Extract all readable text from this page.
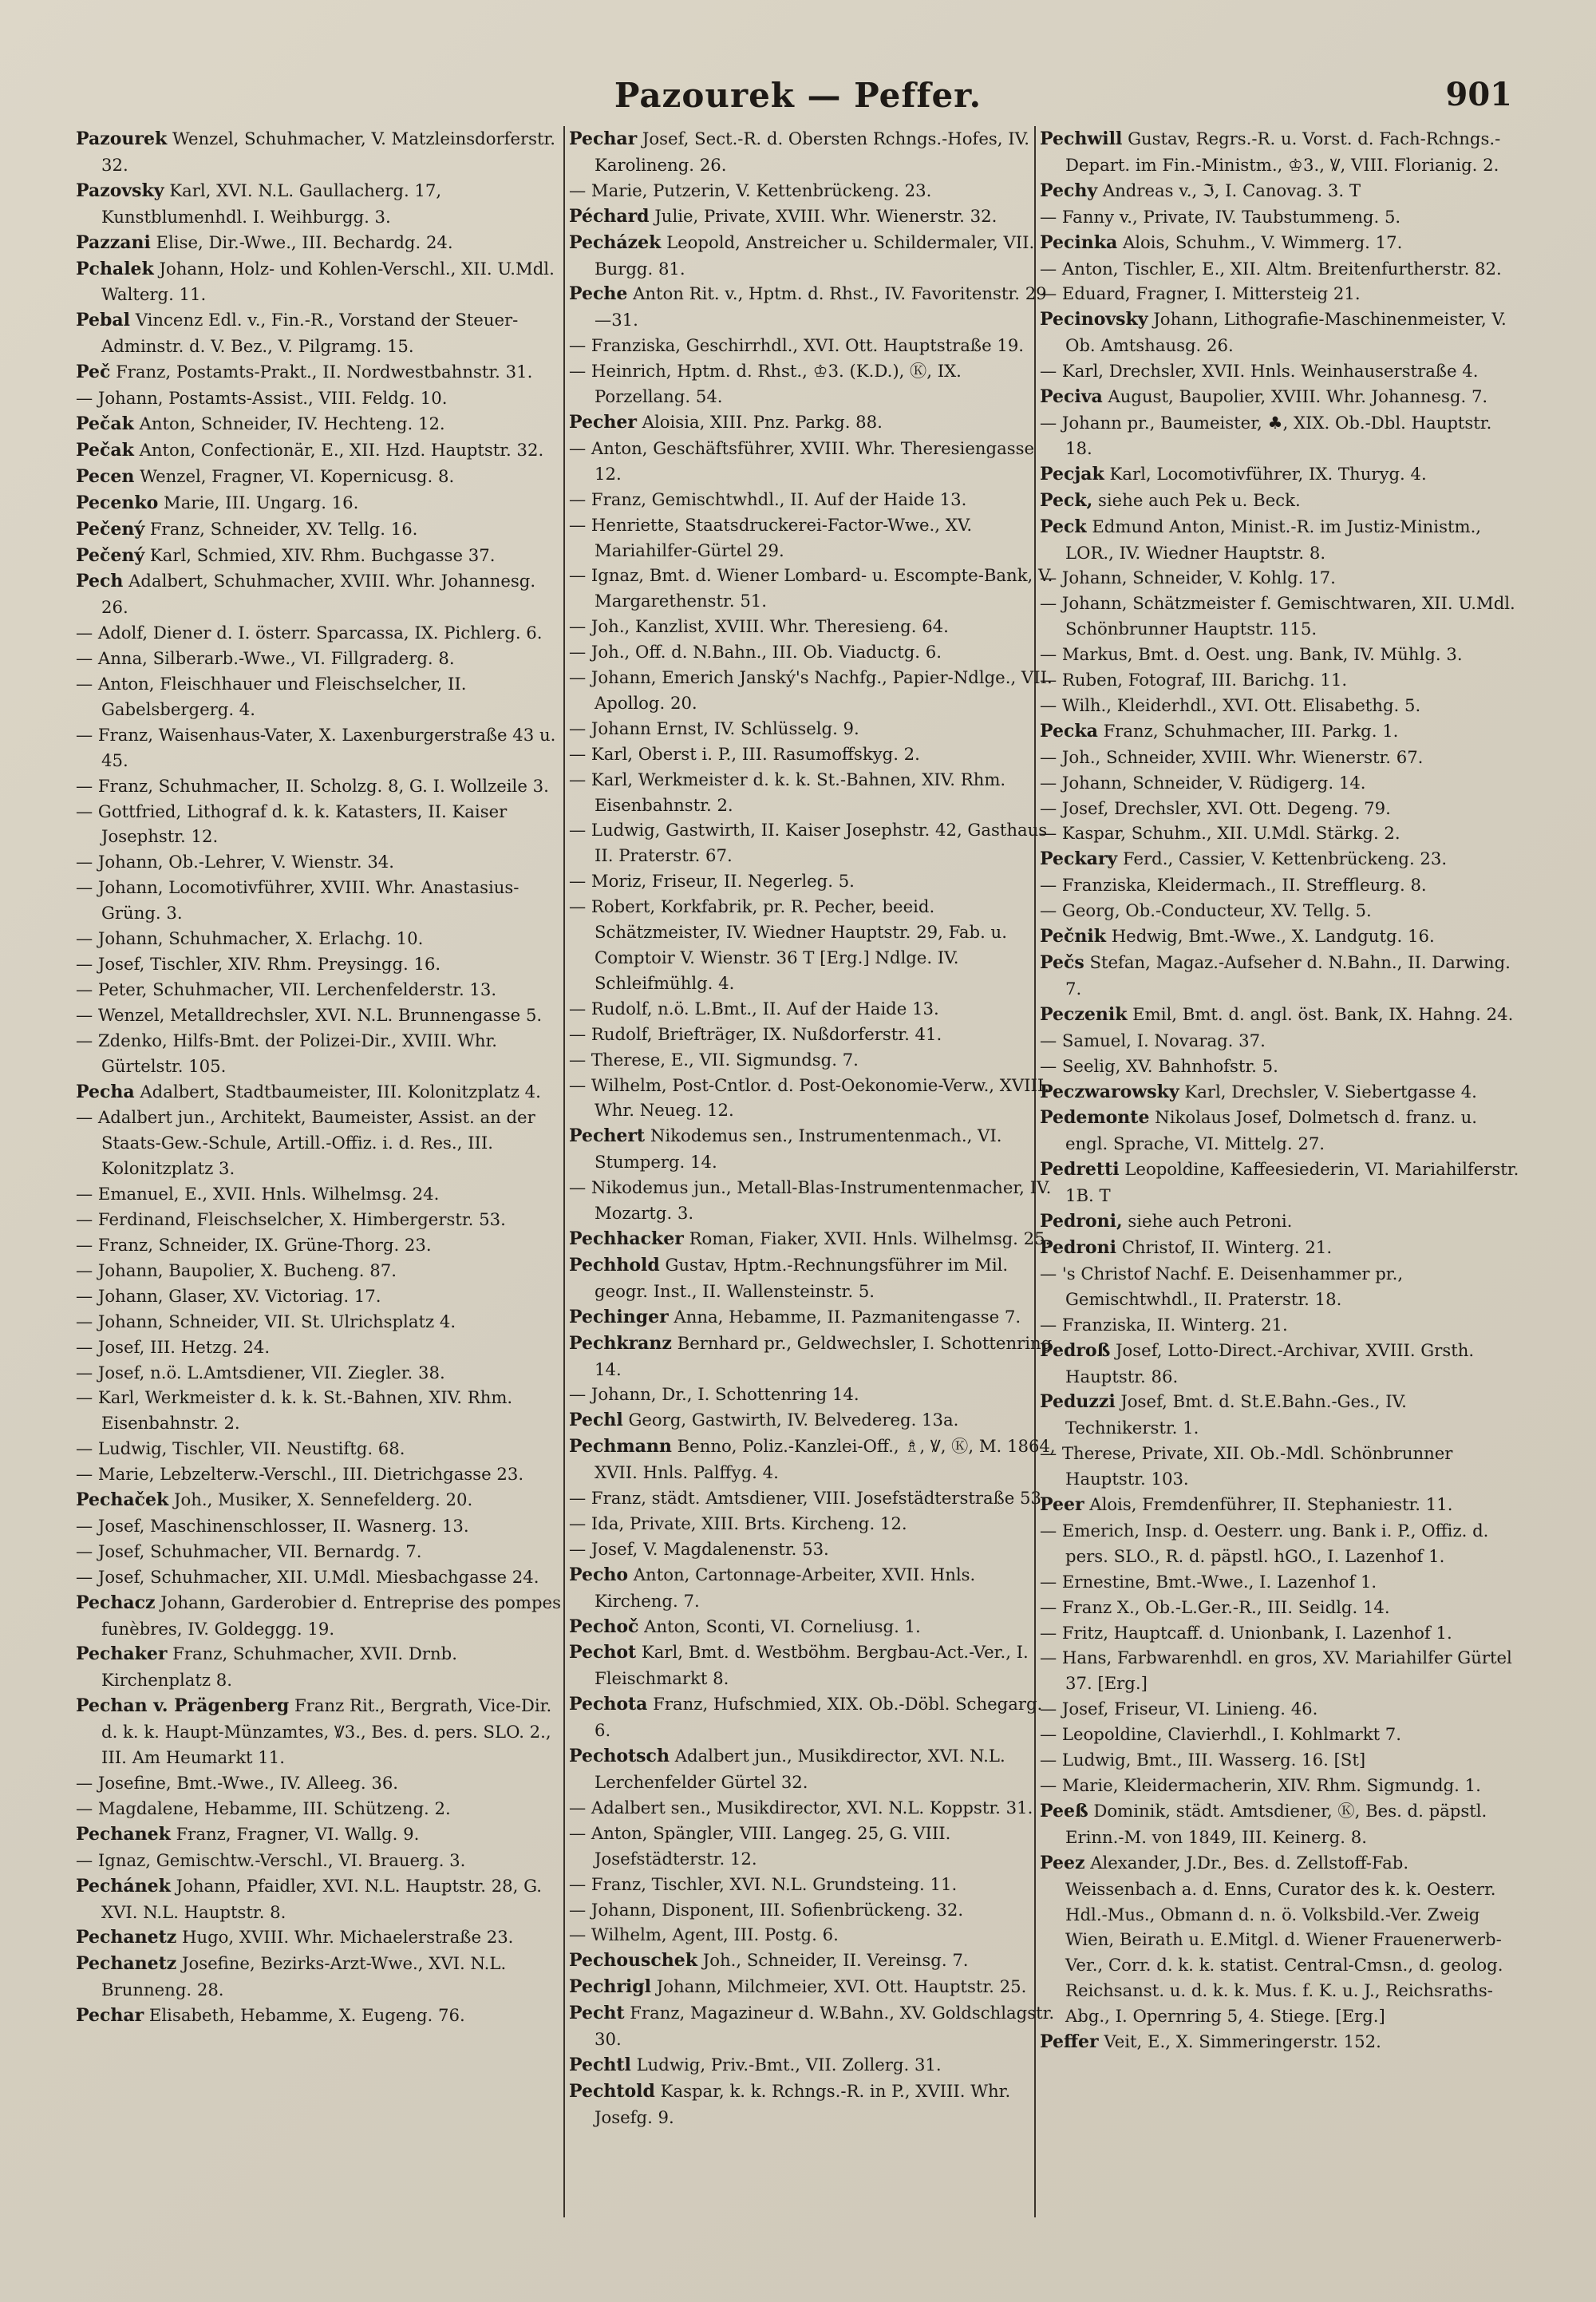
Pazourek — Peffer.	901

Pazourek Wenzel, Schuhmacher, V. Matzleinsdorferstr. 32.

Pazovsky Karl, XVI. N.L. Gaullacherg. 17, Kunstblumenhdl. I. Weihburgg. 3.

Pazzani Elise, Dir.-Wwe., III. Bechardg. 24.

Pchalek Johann, Holz- und Kohlen-Verschl., XII. U.Mdl. Walterg. 11.

Pebal Vincenz Edl. v., Fin.-R., Vorstand der Steuer-Adminstr. d. V. Bez., V. Pilgramg. 15.

Peč Franz, Postamts-Prakt., II. Nordwestbahnstr. 31.

— Johann, Postamts-Assist., VIII. Feldg. 10.

Pečak Anton, Schneider, IV. Hechteng. 12.

Pečak Anton, Confectionär, E., XII. Hzd. Hauptstr. 32.

Pecen Wenzel, Fragner, VI. Kopernicusg. 8.

Pecenko Marie, III. Ungarg. 16.

Pečený Franz, Schneider, XV. Tellg. 16.

Pečený Karl, Schmied, XIV. Rhm. Buchgasse 37.

Pech Adalbert, Schuhmacher, XVIII. Whr. Johannesg. 26.

— Adolf, Diener d. I. österr. Sparcassa, IX. Pichlerg. 6.

— Anna, Silberarb.-Wwe., VI. Fillgraderg. 8.

— Anton, Fleischhauer und Fleischselcher, II. Gabelsbergerg. 4.

— Franz, Waisenhaus-Vater, X. Laxenburgerstraße 43 u. 45.

— Franz, Schuhmacher, II. Scholzg. 8, G. I. Wollzeile 3.

— Gottfried, Lithograf d. k. k. Katasters, II. Kaiser Josephstr. 12.

— Johann, Ob.-Lehrer, V. Wienstr. 34.

— Johann, Locomotivführer, XVIII. Whr. Anastasius-Grüng. 3.

— Johann, Schuhmacher, X. Erlachg. 10.

— Josef, Tischler, XIV. Rhm. Preysingg. 16.

— Peter, Schuhmacher, VII. Lerchenfelderstr. 13.

— Wenzel, Metalldrechsler, XVI. N.L. Brunnengasse 5.

— Zdenko, Hilfs-Bmt. der Polizei-Dir., XVIII. Whr. Gürtelstr. 105.

Pecha Adalbert, Stadtbaumeister, III. Kolonitzplatz 4.

— Adalbert jun., Architekt, Baumeister, Assist. an der Staats-Gew.-Schule, Artill.-Offiz. i. d. Res., III. Kolonitzplatz 3.

— Emanuel, E., XVII. Hnls. Wilhelmsg. 24.

— Ferdinand, Fleischselcher, X. Himbergerstr. 53.

— Franz, Schneider, IX. Grüne-Thorg. 23.

— Johann, Baupolier, X. Bucheng. 87.

— Johann, Glaser, XV. Victoriag. 17.

— Johann, Schneider, VII. St. Ulrichsplatz 4.

— Josef, III. Hetzg. 24.

— Josef, n.ö. L.Amtsdiener, VII. Ziegler. 38.

— Karl, Werkmeister d. k. k. St.-Bahnen, XIV. Rhm. Eisenbahnstr. 2.

— Ludwig, Tischler, VII. Neustiftg. 68.

— Marie, Lebzelterw.-Verschl., III. Dietrichgasse 23.

Pechaček Joh., Musiker, X. Sennefelderg. 20.

— Josef, Maschinenschlosser, II. Wasnerg. 13.

— Josef, Schuhmacher, VII. Bernardg. 7.

— Josef, Schuhmacher, XII. U.Mdl. Miesbachgasse 24.

Pechacz Johann, Garderobier d. Entreprise des pompes funèbres, IV. Goldeggg. 19.

Pechaker Franz, Schuhmacher, XVII. Drnb. Kirchenplatz 8.

Pechan v. Prägenberg Franz Rit., Bergrath, Vice-Dir. d. k. k. Haupt-Münzamtes, Ꝟ3., Bes. d. pers. SLO. 2., III. Am Heumarkt 11.

— Josefine, Bmt.-Wwe., IV. Alleeg. 36.

— Magdalene, Hebamme, III. Schützeng. 2.

Pechanek Franz, Fragner, VI. Wallg. 9.

— Ignaz, Gemischtw.-Verschl., VI. Brauerg. 3.

Pechánek Johann, Pfaidler, XVI. N.L. Hauptstr. 28, G. XVI. N.L. Hauptstr. 8.

Pechanetz Hugo, XVIII. Whr. Michaelerstraße 23.

Pechanetz Josefine, Bezirks-Arzt-Wwe., XVI. N.L. Brunneng. 28.

Pechar Elisabeth, Hebamme, X. Eugeng. 76.

Pechar Josef, Sect.-R. d. Obersten Rchngs.-Hofes, IV. Karolineng. 26.

— Marie, Putzerin, V. Kettenbrückeng. 23.

Péchard Julie, Private, XVIII. Whr. Wienerstr. 32.

Pecházek Leopold, Anstreicher u. Schildermaler, VII. Burgg. 81.

Peche Anton Rit. v., Hptm. d. Rhst., IV. Favoritenstr. 29—31.

— Franziska, Geschirrhdl., XVI. Ott. Hauptstraße 19.

— Heinrich, Hptm. d. Rhst., ♔3. (K.D.), Ⓚ, IX. Porzellang. 54.

Pecher Aloisia, XIII. Pnz. Parkg. 88.

— Anton, Geschäftsführer, XVIII. Whr. Theresiengasse 12.

— Franz, Gemischtwhdl., II. Auf der Haide 13.

— Henriette, Staatsdruckerei-Factor-Wwe., XV. Mariahilfer-Gürtel 29.

— Ignaz, Bmt. d. Wiener Lombard- u. Escompte-Bank, V. Margarethenstr. 51.

— Joh., Kanzlist, XVIII. Whr. Theresieng. 64.

— Joh., Off. d. N.Bahn., III. Ob. Viaductg. 6.

— Johann, Emerich Janský's Nachfg., Papier-Ndlge., VII. Apollog. 20.

— Johann Ernst, IV. Schlüsselg. 9.

— Karl, Oberst i. P., III. Rasumoffskyg. 2.

— Karl, Werkmeister d. k. k. St.-Bahnen, XIV. Rhm. Eisenbahnstr. 2.

— Ludwig, Gastwirth, II. Kaiser Josephstr. 42, Gasthaus II. Praterstr. 67.

— Moriz, Friseur, II. Negerleg. 5.

— Robert, Korkfabrik, pr. R. Pecher, beeid. Schätzmeister, IV. Wiedner Hauptstr. 29, Fab. u. Comptoir V. Wienstr. 36 T [Erg.] Ndlge. IV. Schleifmühlg. 4.

— Rudolf, n.ö. L.Bmt., II. Auf der Haide 13.

— Rudolf, Briefträger, IX. Nußdorferstr. 41.

— Therese, E., VII. Sigmundsg. 7.

— Wilhelm, Post-Cntlor. d. Post-Oekonomie-Verw., XVIII. Whr. Neueg. 12.

Pechert Nikodemus sen., Instrumentenmach., VI. Stumperg. 14.

— Nikodemus jun., Metall-Blas-Instrumentenmacher, IV. Mozartg. 3.

Pechhacker Roman, Fiaker, XVII. Hnls. Wilhelmsg. 25.

Pechhold Gustav, Hptm.-Rechnungsführer im Mil. geogr. Inst., II. Wallensteinstr. 5.

Pechinger Anna, Hebamme, II. Pazmanitengasse 7.

Pechkranz Bernhard pr., Geldwechsler, I. Schottenring 14.

— Johann, Dr., I. Schottenring 14.

Pechl Georg, Gastwirth, IV. Belvedereg. 13a.

Pechmann Benno, Poliz.-Kanzlei-Off., ♗, Ꝟ, Ⓚ, M. 1864, XVII. Hnls. Palffyg. 4.

— Franz, städt. Amtsdiener, VIII. Josefstädterstraße 53.

— Ida, Private, XIII. Brts. Kircheng. 12.

— Josef, V. Magdalenenstr. 53.

Pecho Anton, Cartonnage-Arbeiter, XVII. Hnls. Kircheng. 7.

Pechoč Anton, Sconti, VI. Corneliusg. 1.

Pechot Karl, Bmt. d. Westböhm. Bergbau-Act.-Ver., I. Fleischmarkt 8.

Pechota Franz, Hufschmied, XIX. Ob.-Döbl. Schegarg. 6.

Pechotsch Adalbert jun., Musikdirector, XVI. N.L. Lerchenfelder Gürtel 32.

— Adalbert sen., Musikdirector, XVI. N.L. Koppstr. 31.

— Anton, Spängler, VIII. Langeg. 25, G. VIII. Josefstädterstr. 12.

— Franz, Tischler, XVI. N.L. Grundsteing. 11.

— Johann, Disponent, III. Sofienbrückeng. 32.

— Wilhelm, Agent, III. Postg. 6.

Pechouschek Joh., Schneider, II. Vereinsg. 7.

Pechrigl Johann, Milchmeier, XVI. Ott. Hauptstr. 25.

Pecht Franz, Magazineur d. W.Bahn., XV. Goldschlagstr. 30.

Pechtl Ludwig, Priv.-Bmt., VII. Zollerg. 31.

Pechtold Kaspar, k. k. Rchngs.-R. in P., XVIII. Whr. Josefg. 9.

Pechwill Gustav, Regrs.-R. u. Vorst. d. Fach-Rchngs.-Depart. im Fin.-Ministm., ♔3., Ꝟ, VIII. Florianig. 2.

Pechy Andreas v., ℑ, I. Canovag. 3. T

— Fanny v., Private, IV. Taubstummeng. 5.

Pecinka Alois, Schuhm., V. Wimmerg. 17.

— Anton, Tischler, E., XII. Altm. Breitenfurtherstr. 82.

— Eduard, Fragner, I. Mittersteig 21.

Pecinovsky Johann, Lithografie-Maschinenmeister, V. Ob. Amtshausg. 26.

— Karl, Drechsler, XVII. Hnls. Weinhauserstraße 4.

Peciva August, Baupolier, XVIII. Whr. Johannesg. 7.

— Johann pr., Baumeister, ♣, XIX. Ob.-Dbl. Hauptstr. 18.

Pecjak Karl, Locomotivführer, IX. Thuryg. 4.

Peck, siehe auch Pek u. Beck.

Peck Edmund Anton, Minist.-R. im Justiz-Ministm., LOR., IV. Wiedner Hauptstr. 8.

— Johann, Schneider, V. Kohlg. 17.

— Johann, Schätzmeister f. Gemischtwaren, XII. U.Mdl. Schönbrunner Hauptstr. 115.

— Markus, Bmt. d. Oest. ung. Bank, IV. Mühlg. 3.

— Ruben, Fotograf, III. Barichg. 11.

— Wilh., Kleiderhdl., XVI. Ott. Elisabethg. 5.

Pecka Franz, Schuhmacher, III. Parkg. 1.

— Joh., Schneider, XVIII. Whr. Wienerstr. 67.

— Johann, Schneider, V. Rüdigerg. 14.

— Josef, Drechsler, XVI. Ott. Degeng. 79.

— Kaspar, Schuhm., XII. U.Mdl. Stärkg. 2.

Peckary Ferd., Cassier, V. Kettenbrückeng. 23.

— Franziska, Kleidermach., II. Streffleurg. 8.

— Georg, Ob.-Conducteur, XV. Tellg. 5.

Pečnik Hedwig, Bmt.-Wwe., X. Landgutg. 16.

Pečs Stefan, Magaz.-Aufseher d. N.Bahn., II. Darwing. 7.

Peczenik Emil, Bmt. d. angl. öst. Bank, IX. Hahng. 24.

— Samuel, I. Novarag. 37.

— Seelig, XV. Bahnhofstr. 5.

Peczwarowsky Karl, Drechsler, V. Siebertgasse 4.

Pedemonte Nikolaus Josef, Dolmetsch d. franz. u. engl. Sprache, VI. Mittelg. 27.

Pedretti Leopoldine, Kaffeesiederin, VI. Mariahilferstr. 1B. T

Pedroni, siehe auch Petroni.

Pedroni Christof, II. Winterg. 21.

— 's Christof Nachf. E. Deisenhammer pr., Gemischtwhdl., II. Praterstr. 18.

— Franziska, II. Winterg. 21.

Pedroß Josef, Lotto-Direct.-Archivar, XVIII. Grsth. Hauptstr. 86.

Peduzzi Josef, Bmt. d. St.E.Bahn.-Ges., IV. Technikerstr. 1.

— Therese, Private, XII. Ob.-Mdl. Schönbrunner Hauptstr. 103.

Peer Alois, Fremdenführer, II. Stephaniestr. 11.

— Emerich, Insp. d. Oesterr. ung. Bank i. P., Offiz. d. pers. SLO., R. d. päpstl. hGO., I. Lazenhof 1.

— Ernestine, Bmt.-Wwe., I. Lazenhof 1.

— Franz X., Ob.-L.Ger.-R., III. Seidlg. 14.

— Fritz, Hauptcaff. d. Unionbank, I. Lazenhof 1.

— Hans, Farbwarenhdl. en gros, XV. Mariahilfer Gürtel 37. [Erg.]

— Josef, Friseur, VI. Linieng. 46.

— Leopoldine, Clavierhdl., I. Kohlmarkt 7.

— Ludwig, Bmt., III. Wasserg. 16. [St]

— Marie, Kleidermacherin, XIV. Rhm. Sigmundg. 1.

Peeß Dominik, städt. Amtsdiener, Ⓚ, Bes. d. päpstl. Erinn.-M. von 1849, III. Keinerg. 8.

Peez Alexander, J.Dr., Bes. d. Zellstoff-Fab. Weissenbach a. d. Enns, Curator des k. k. Oesterr. Hdl.-Mus., Obmann d. n. ö. Volksbild.-Ver. Zweig Wien, Beirath u. E.Mitgl. d. Wiener Frauenerwerb-Ver., Corr. d. k. k. statist. Central-Cmsn., d. geolog. Reichsanst. u. d. k. k. Mus. f. K. u. J., Reichsraths-Abg., I. Opernring 5, 4. Stiege. [Erg.]

Peffer Veit, E., X. Simmeringerstr. 152.
